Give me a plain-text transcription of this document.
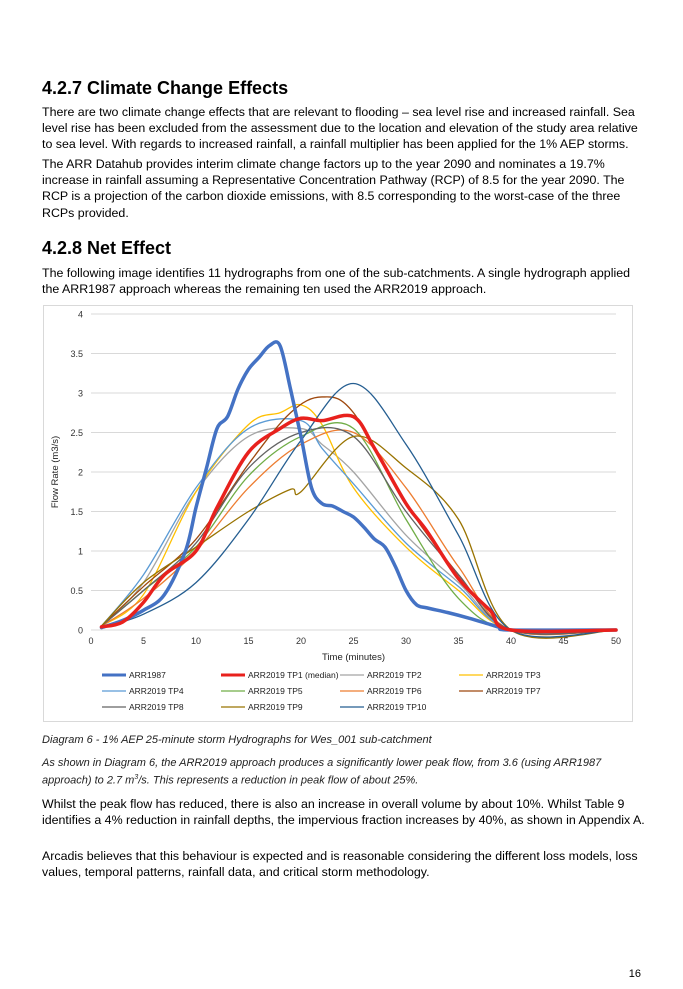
4.2.7 Climate Change Effects

There are two climate change effects that are relevant to flooding – sea level rise and increased rainfall. Sea level rise has been excluded from the assessment due to the location and elevation of the study area relative to sea level. With regards to increased rainfall, a rainfall multiplier has been applied for the 1% AEP storms.

The ARR Datahub provides interim climate change factors up to the year 2090 and nominates a 19.7% increase in rainfall assuming a Representative Concentration Pathway (RCP) of 8.5 for the year 2090. The RCP is a projection of the carbon dioxide emissions, with 8.5 corresponding to the worst-case of the three RCPs provided.

4.2.8 Net Effect

The following image identifies 11 hydrographs from one of the sub-catchments. A single hydrograph applied the ARR1987 approach whereas the remaining ten used the ARR2019 approach.

0
0.5
1
1.5
2
2.5
3
3.5
4
0	5	10	15	20	25	30	35	40	45	50
Time (minutes)
Flow Rate (m3/s)
ARR1987	ARR2019 TP1 (median)	ARR2019 TP2	ARR2019 TP3
ARR2019 TP4	ARR2019 TP5	ARR2019 TP6	ARR2019 TP7
ARR2019 TP8	ARR2019 TP9	ARR2019 TP10

Diagram 6 - 1% AEP 25-minute storm Hydrographs for Wes_001 sub-catchment

As shown in Diagram 6, the ARR2019 approach produces a significantly lower peak flow, from 3.6 (using ARR1987 approach) to 2.7 $m^3/s$. This represents a reduction in peak flow of about 25%.

Whilst the peak flow has reduced, there is also an increase in overall volume by about 10%. Whilst Table 9 identifies a 4% reduction in rainfall depths, the impervious fraction increases by 40%, as shown in Appendix A.

Arcadis believes that this behaviour is expected and is reasonable considering the different loss models, loss values, temporal patterns, rainfall data, and critical storm methodology.

16
